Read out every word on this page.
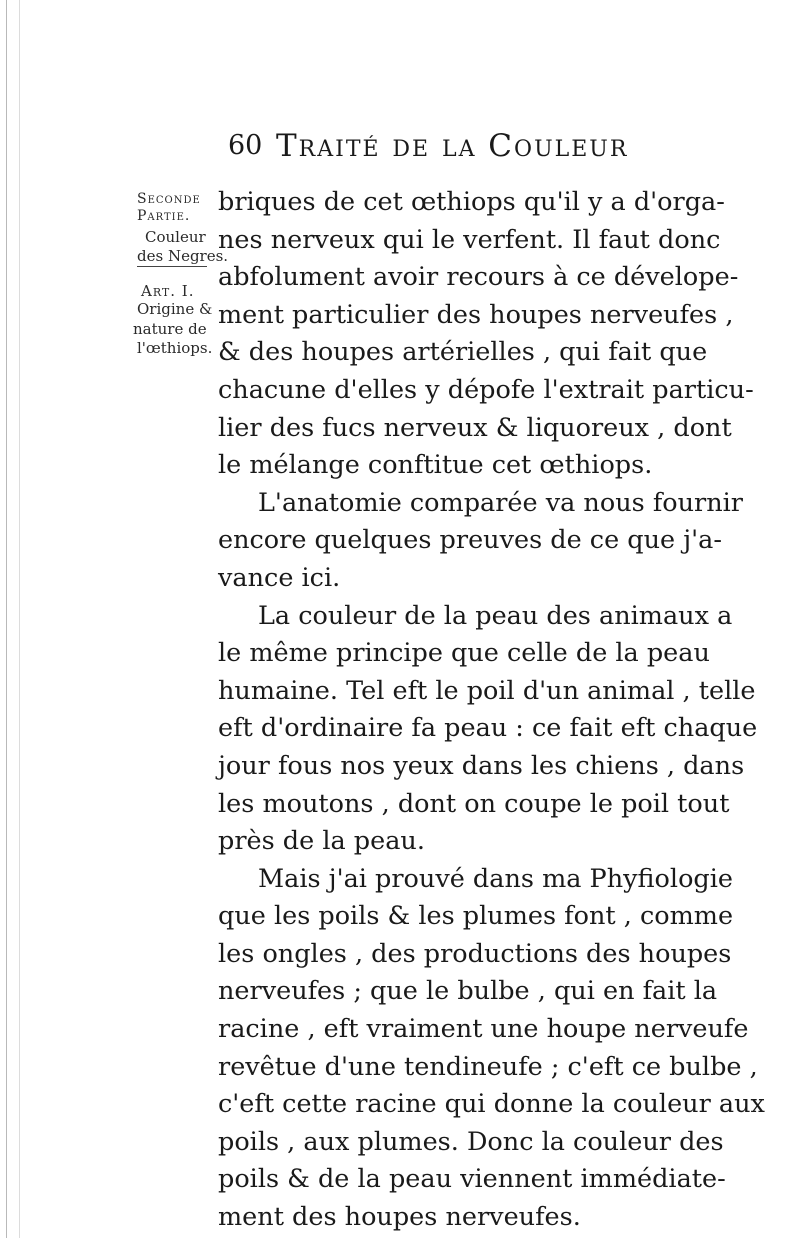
60 Traité de la Couleur
Seconde
Partie.
Couleur
des Negres.
Art. I.
Origine &
nature de
l'œthiops.
briques de cet œthiops qu'il y a d'orga-
nes nerveux qui le verfent. Il faut donc
abfolument avoir recours à ce dévelope-
ment particulier des houpes nerveufes ,
& des houpes artérielles , qui fait que
chacune d'elles y dépofe l'extrait particu-
lier des fucs nerveux & liquoreux , dont
le mélange conftitue cet œthiops.
L'anatomie comparée va nous fournir
encore quelques preuves de ce que j'a-
vance ici.
La couleur de la peau des animaux a
le même principe que celle de la peau
humaine. Tel eft le poil d'un animal , telle
eft d'ordinaire fa peau : ce fait eft chaque
jour fous nos yeux dans les chiens , dans
les moutons , dont on coupe le poil tout
près de la peau.
Mais j'ai prouvé dans ma Phyfiologie
que les poils & les plumes font , comme
les ongles , des productions des houpes
nerveufes ; que le bulbe , qui en fait la
racine , eft vraiment une houpe nerveufe
revêtue d'une tendineufe ; c'eft ce bulbe ,
c'eft cette racine qui donne la couleur aux
poils , aux plumes. Donc la couleur des
poils & de la peau viennent immédiate-
ment des houpes nerveufes.
